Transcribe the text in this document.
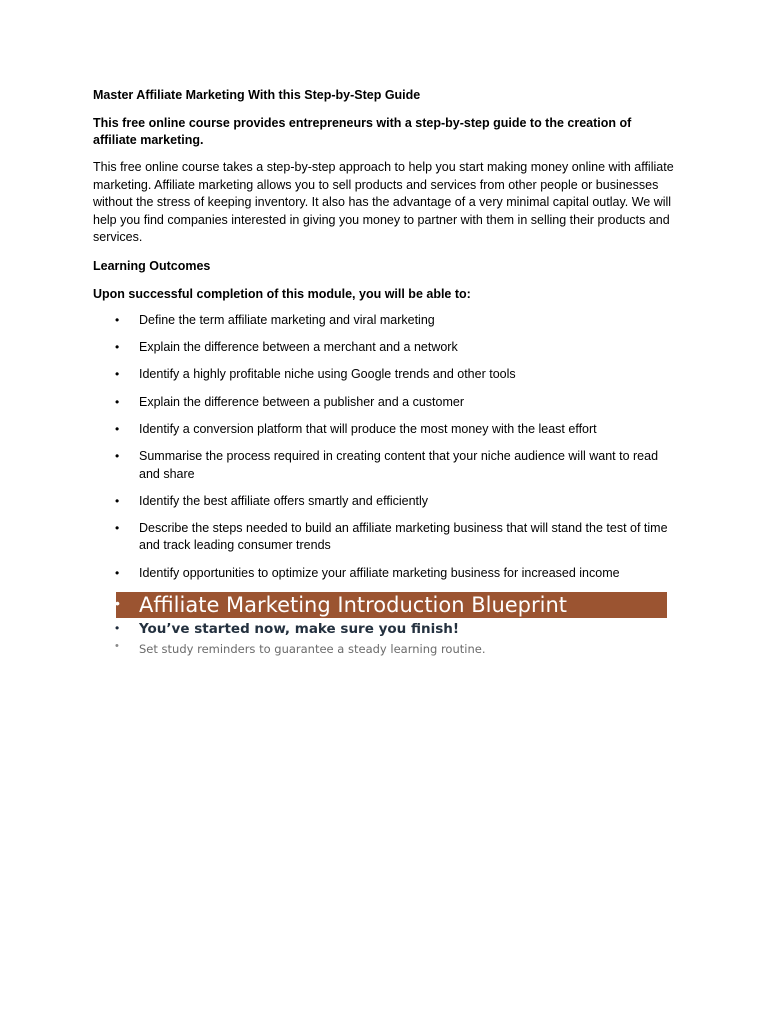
Master Affiliate Marketing With this Step-by-Step Guide

This free online course provides entrepreneurs with a step-by-step guide to the creation of affiliate marketing.

This free online course takes a step-by-step approach to help you start making money online with affiliate marketing. Affiliate marketing allows you to sell products and services from other people or businesses without the stress of keeping inventory. It also has the advantage of a very minimal capital outlay. We will help you find companies interested in giving you money to partner with them in selling their products and services.

Learning Outcomes

Upon successful completion of this module, you will be able to:

• Define the term affiliate marketing and viral marketing
• Explain the difference between a merchant and a network
• Identify a highly profitable niche using Google trends and other tools
• Explain the difference between a publisher and a customer
• Identify a conversion platform that will produce the most money with the least effort
• Summarise the process required in creating content that your niche audience will want to read and share
• Identify the best affiliate offers smartly and efficiently
• Describe the steps needed to build an affiliate marketing business that will stand the test of time and track leading consumer trends
• Identify opportunities to optimize your affiliate marketing business for increased income
• Affiliate Marketing Introduction Blueprint
• You’ve started now, make sure you finish!
• Set study reminders to guarantee a steady learning routine.
